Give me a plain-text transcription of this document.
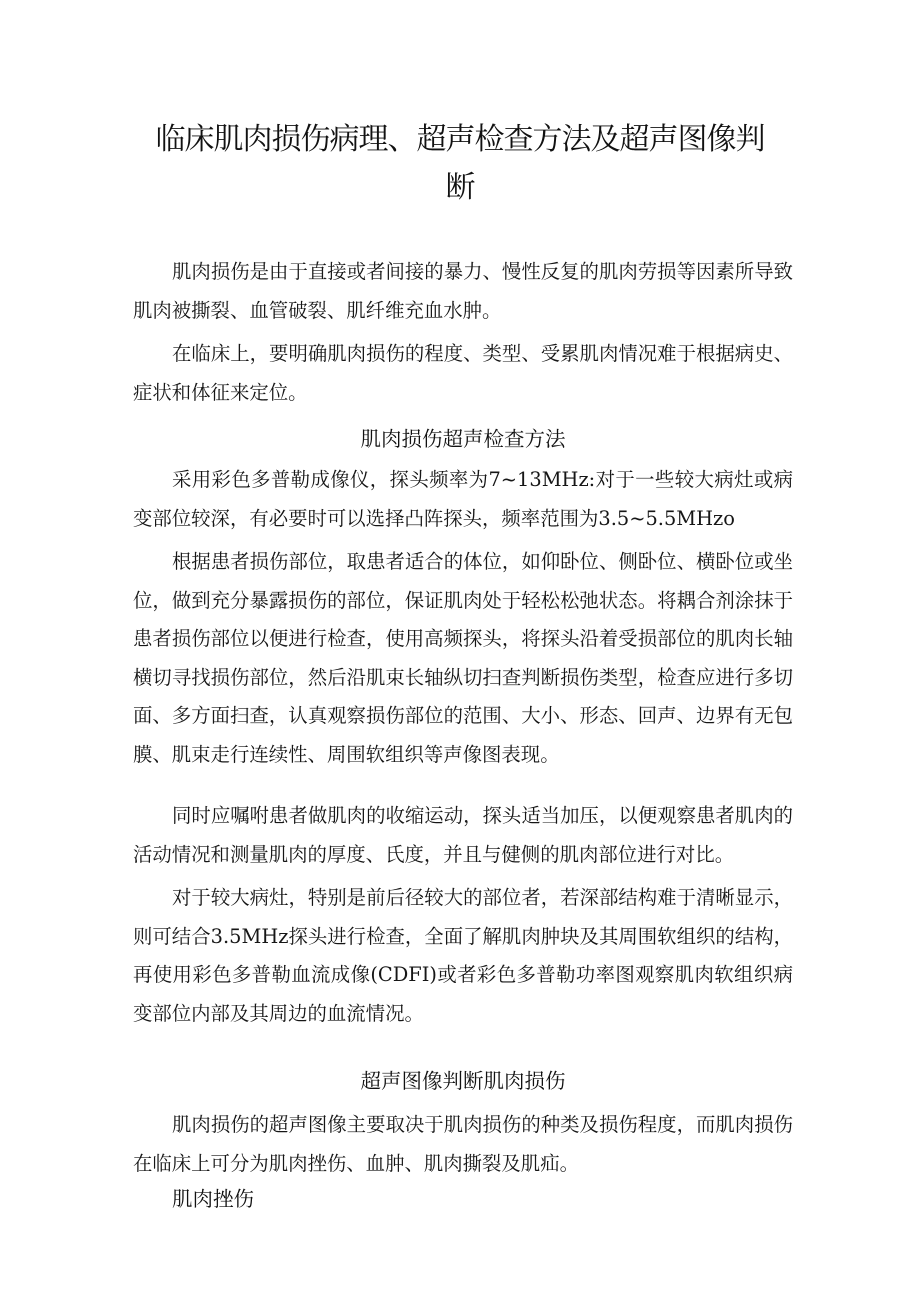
临床肌肉损伤病理、超声检查方法及超声图像判断

肌肉损伤是由于直接或者间接的暴力、慢性反复的肌肉劳损等因素所导致肌肉被撕裂、血管破裂、肌纤维充血水肿。

在临床上，要明确肌肉损伤的程度、类型、受累肌肉情况难于根据病史、症状和体征来定位。

肌肉损伤超声检查方法

采用彩色多普勒成像仪，探头频率为7~13MHz:对于一些较大病灶或病变部位较深，有必要时可以选择凸阵探头，频率范围为3.5~5.5MHzo

根据患者损伤部位，取患者适合的体位，如仰卧位、侧卧位、横卧位或坐位，做到充分暴露损伤的部位，保证肌肉处于轻松松弛状态。将耦合剂涂抹于患者损伤部位以便进行检查，使用高频探头，将探头沿着受损部位的肌肉长轴横切寻找损伤部位，然后沿肌束长轴纵切扫查判断损伤类型，检查应进行多切面、多方面扫查，认真观察损伤部位的范围、大小、形态、回声、边界有无包膜、肌束走行连续性、周围软组织等声像图表现。

同时应嘱咐患者做肌肉的收缩运动，探头适当加压，以便观察患者肌肉的活动情况和测量肌肉的厚度、氏度，并且与健侧的肌肉部位进行对比。

对于较大病灶，特别是前后径较大的部位者，若深部结构难于清晰显示，则可结合3.5MHz探头进行检查，全面了解肌肉肿块及其周围软组织的结构，再使用彩色多普勒血流成像(CDFI)或者彩色多普勒功率图观察肌肉软组织病变部位内部及其周边的血流情况。

超声图像判断肌肉损伤

肌肉损伤的超声图像主要取决于肌肉损伤的种类及损伤程度，而肌肉损伤在临床上可分为肌肉挫伤、血肿、肌肉撕裂及肌疝。

肌肉挫伤
